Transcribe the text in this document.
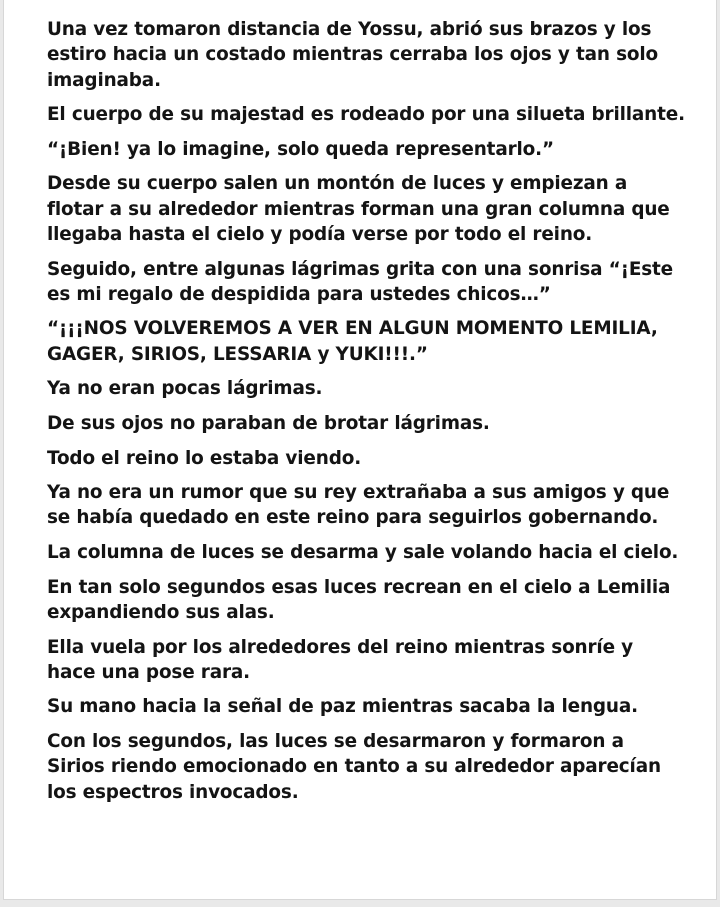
Una vez tomaron distancia de Yossu, abrió sus brazos y los estiro hacia un costado mientras cerraba los ojos y tan solo imaginaba.

El cuerpo de su majestad es rodeado por una silueta brillante.

“¡Bien! ya lo imagine, solo queda representarlo.”

Desde su cuerpo salen un montón de luces y empiezan a flotar a su alrededor mientras forman una gran columna que llegaba hasta el cielo y podía verse por todo el reino.

Seguido, entre algunas lágrimas grita con una sonrisa “¡Este es mi regalo de despidida para ustedes chicos…”

“¡¡¡NOS VOLVEREMOS A VER EN ALGUN MOMENTO LEMILIA, GAGER, SIRIOS, LESSARIA y YUKI!!!.”

Ya no eran pocas lágrimas.

De sus ojos no paraban de brotar lágrimas.

Todo el reino lo estaba viendo.

Ya no era un rumor que su rey extrañaba a sus amigos y que se había quedado en este reino para seguirlos gobernando.

La columna de luces se desarma y sale volando hacia el cielo.

En tan solo segundos esas luces recrean en el cielo a Lemilia expandiendo sus alas.

Ella vuela por los alrededores del reino mientras sonríe y hace una pose rara.

Su mano hacia la señal de paz mientras sacaba la lengua.

Con los segundos, las luces se desarmaron y formaron a Sirios riendo emocionado en tanto a su alrededor aparecían los espectros invocados.
